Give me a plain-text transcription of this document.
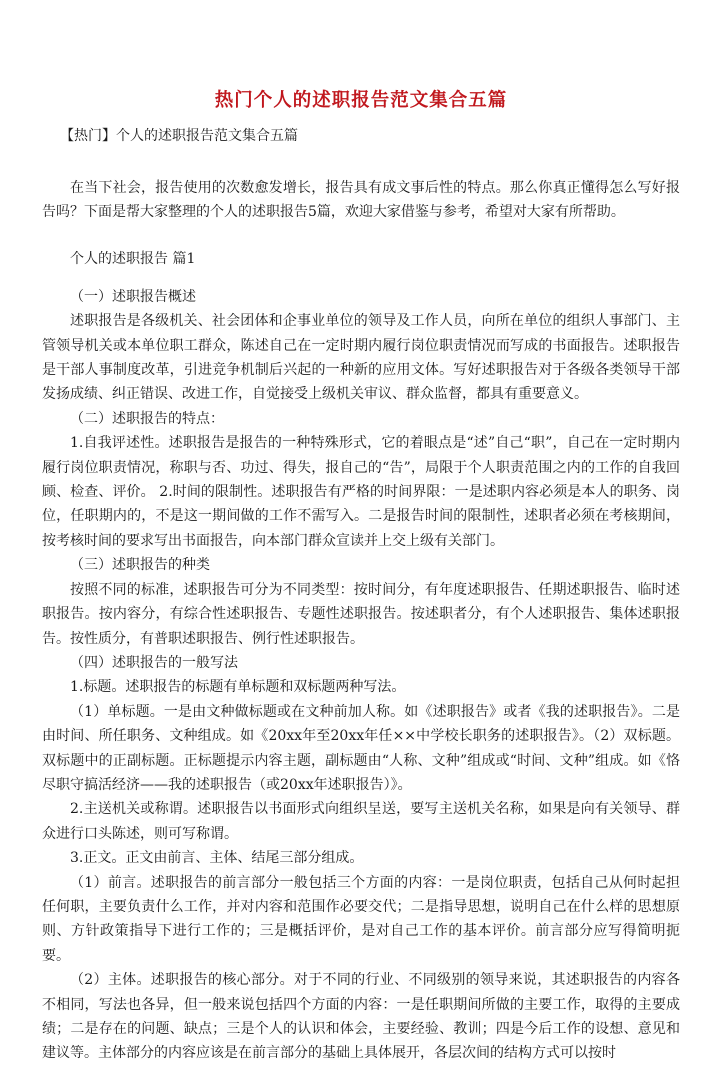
热门个人的述职报告范文集合五篇

【热门】个人的述职报告范文集合五篇

在当下社会，报告使用的次数愈发增长，报告具有成文事后性的特点。那么你真正懂得怎么写好报告吗？下面是帮大家整理的个人的述职报告5篇，欢迎大家借鉴与参考，希望对大家有所帮助。

个人的述职报告 篇1

（一）述职报告概述

述职报告是各级机关、社会团体和企事业单位的领导及工作人员，向所在单位的组织人事部门、主管领导机关或本单位职工群众，陈述自己在一定时期内履行岗位职责情况而写成的书面报告。述职报告是干部人事制度改革，引进竞争机制后兴起的一种新的应用文体。写好述职报告对于各级各类领导干部发扬成绩、纠正错误、改进工作，自觉接受上级机关审议、群众监督，都具有重要意义。

（二）述职报告的特点：

1.自我评述性。述职报告是报告的一种特殊形式，它的着眼点是“述”自己“职”，自己在一定时期内履行岗位职责情况，称职与否、功过、得失，报自己的“告”，局限于个人职责范围之内的工作的自我回顾、检查、评价。 2.时间的限制性。述职报告有严格的时间界限：一是述职内容必须是本人的职务、岗位，任职期内的，不是这一期间做的工作不需写入。二是报告时间的限制性，述职者必须在考核期间，按考核时间的要求写出书面报告，向本部门群众宣读并上交上级有关部门。

（三）述职报告的种类

按照不同的标准，述职报告可分为不同类型：按时间分，有年度述职报告、任期述职报告、临时述职报告。按内容分，有综合性述职报告、专题性述职报告。按述职者分，有个人述职报告、集体述职报告。按性质分，有普职述职报告、例行性述职报告。

（四）述职报告的一般写法

1.标题。述职报告的标题有单标题和双标题两种写法。

（1）单标题。一是由文种做标题或在文种前加人称。如《述职报告》或者《我的述职报告》。二是由时间、所任职务、文种组成。如《20xx年至20xx年任××中学校长职务的述职报告》。（2）双标题。双标题中的正副标题。正标题提示内容主题，副标题由“人称、文种”组成或“时间、文种”组成。如《恪尽职守搞活经济——我的述职报告（或20xx年述职报告）》。

2.主送机关或称谓。述职报告以书面形式向组织呈送，要写主送机关名称，如果是向有关领导、群众进行口头陈述，则可写称谓。

3.正文。正文由前言、主体、结尾三部分组成。

（1）前言。述职报告的前言部分一般包括三个方面的内容：一是岗位职责，包括自己从何时起担任何职，主要负责什么工作，并对内容和范围作必要交代；二是指导思想，说明自己在什么样的思想原则、方针政策指导下进行工作的；三是概括评价，是对自己工作的基本评价。前言部分应写得简明扼要。

（2）主体。述职报告的核心部分。对于不同的行业、不同级别的领导来说，其述职报告的内容各不相同，写法也各异，但一般来说包括四个方面的内容：一是任职期间所做的主要工作，取得的主要成绩；二是存在的问题、缺点；三是个人的认识和体会，主要经验、教训；四是今后工作的设想、意见和建议等。主体部分的内容应该是在前言部分的基础上具体展开，各层次间的结构方式可以按时
